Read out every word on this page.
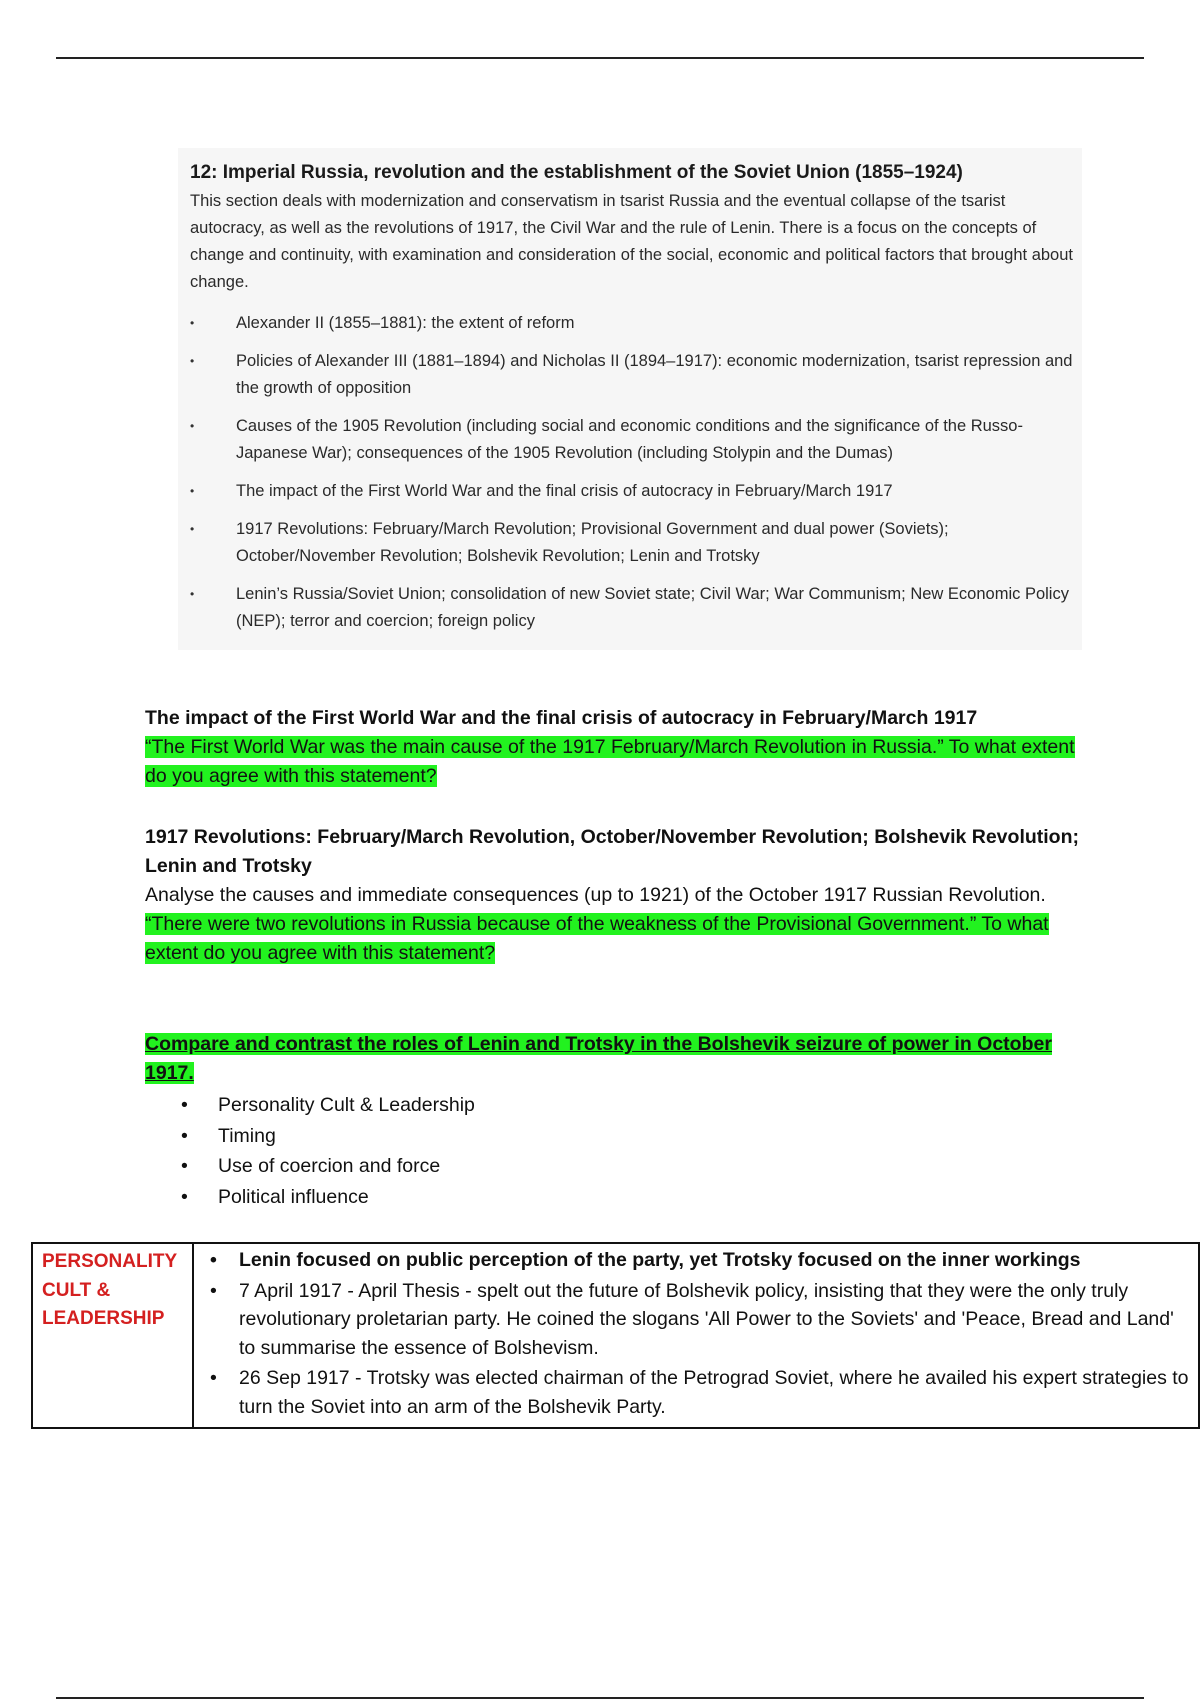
12: Imperial Russia, revolution and the establishment of the Soviet Union (1855–1924)

This section deals with modernization and conservatism in tsarist Russia and the eventual collapse of the tsarist autocracy, as well as the revolutions of 1917, the Civil War and the rule of Lenin. There is a focus on the concepts of change and continuity, with examination and consideration of the social, economic and political factors that brought about change.

•	Alexander II (1855–1881): the extent of reform
•	Policies of Alexander III (1881–1894) and Nicholas II (1894–1917): economic modernization, tsarist repression and the growth of opposition
•	Causes of the 1905 Revolution (including social and economic conditions and the significance of the Russo-Japanese War); consequences of the 1905 Revolution (including Stolypin and the Dumas)
•	The impact of the First World War and the final crisis of autocracy in February/March 1917
•	1917 Revolutions: February/March Revolution; Provisional Government and dual power (Soviets); October/November Revolution; Bolshevik Revolution; Lenin and Trotsky
•	Lenin’s Russia/Soviet Union; consolidation of new Soviet state; Civil War; War Communism; New Economic Policy (NEP); terror and coercion; foreign policy
The impact of the First World War and the final crisis of autocracy in February/March 1917
“The First World War was the main cause of the 1917 February/March Revolution in Russia.” To what extent do you agree with this statement?
1917 Revolutions: February/March Revolution, October/November Revolution; Bolshevik Revolution; Lenin and Trotsky
Analyse the causes and immediate consequences (up to 1921) of the October 1917 Russian Revolution.
“There were two revolutions in Russia because of the weakness of the Provisional Government.” To what extent do you agree with this statement?
Compare and contrast the roles of Lenin and Trotsky in the Bolshevik seizure of power in October 1917.
• Personality Cult & Leadership
• Timing
• Use of coercion and force
• Political influence
PERSONALITY CULT & LEADERSHIP	
• Lenin focused on public perception of the party, yet Trotsky focused on the inner workings
• 7 April 1917 - April Thesis - spelt out the future of Bolshevik policy, insisting that they were the only truly revolutionary proletarian party. He coined the slogans 'All Power to the Soviets' and 'Peace, Bread and Land' to summarise the essence of Bolshevism.
• 26 Sep 1917 - Trotsky was elected chairman of the Petrograd Soviet, where he availed his expert strategies to turn the Soviet into an arm of the Bolshevik Party.
